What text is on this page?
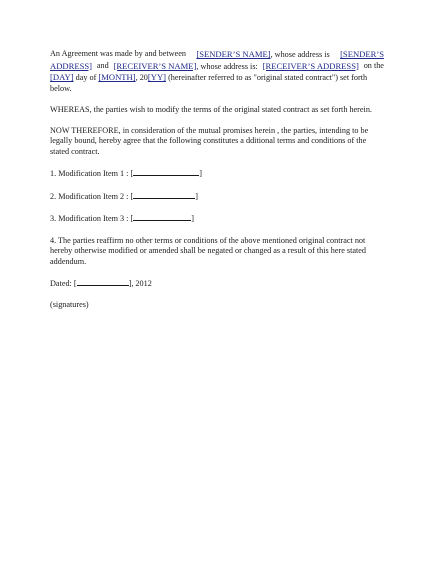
An Agreement was made by and between [SENDER’S NAME], whose address is [SENDER’S
ADDRESS] and [RECEIVER’S NAME], whose address is: [RECEIVER’S ADDRESS] on the
[DAY] day of [MONTH], 20[YY] (hereinafter referred to as "original stated contract") set forth
below.
WHEREAS, the parties wish to modify the terms of the original stated contract as set forth herein.
NOW THEREFORE, in consideration of the mutual promises herein , the parties, intending to be
legally bound, hereby agree that the following constitutes a dditional terms and conditions of the
stated contract.
1. Modification Item 1 : [	]
2. Modification Item 2 : [	]
3. Modification Item 3 : [	]
4. The parties reaffirm no other terms or conditions of the above mentioned original contract not
hereby otherwise modified or amended shall be negated or changed as a result of this here stated
addendum.
Dated: [	], 2012
(signatures)
